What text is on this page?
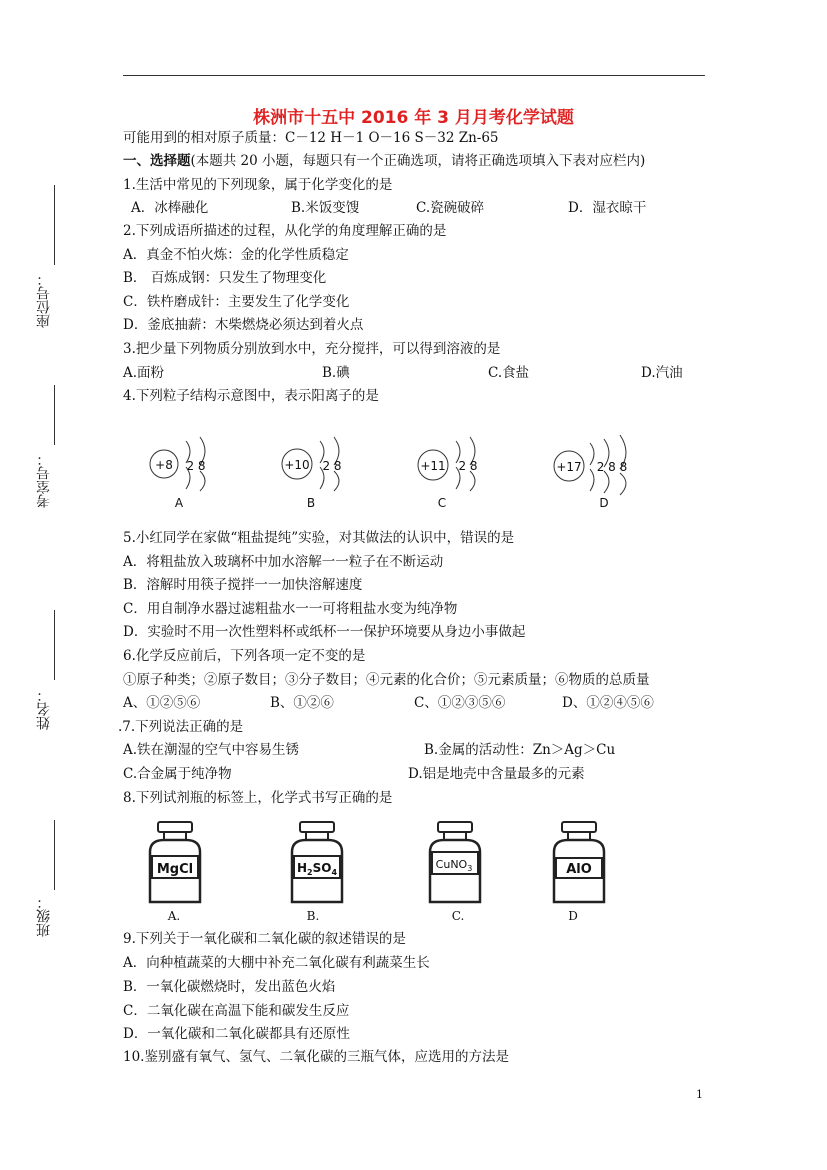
株洲市十五中 2016 年 3 月月考化学试题
可能用到的相对原子质量：C－12 H－1 O－16 S－32 Zn-65
一、选择题(本题共 20 小题，每题只有一个正确选项，请将正确选项填入下表对应栏内)
座位号：
考室号：
姓名：
班级：
1.生活中常见的下列现象，属于化学变化的是
A．冰棒融化	B.米饭变馊	C.瓷碗破碎	D．湿衣晾干
2.下列成语所描述的过程，从化学的角度理解正确的是
A．真金不怕火炼：金的化学性质稳定
B． 百炼成钢：只发生了物理变化
C．铁杵磨成针：主要发生了化学变化
D．釜底抽薪：木柴燃烧必须达到着火点
3.把少量下列物质分别放到水中，充分搅拌，可以得到溶液的是
A.面粉	B.碘	C.食盐	D.汽油
4.下列粒子结构示意图中，表示阳离子的是
+8 2 8
A
+10 2 8
B
+11 2 8
C
+17 2 8 8
D
5.小红同学在家做“粗盐提纯”实验，对其做法的认识中，错误的是
A．将粗盐放入玻璃杯中加水溶解一一粒子在不断运动
B．溶解时用筷子搅拌一一加快溶解速度
C．用自制净水器过滤粗盐水一一可将粗盐水变为纯净物
D．实验时不用一次性塑料杯或纸杯一一保护环境要从身边小事做起
6.化学反应前后，下列各项一定不变的是
①原子种类；②原子数目；③分子数目；④元素的化合价；⑤元素质量；⑥物质的总质量
A、①②⑤⑥	B、①②⑥	C、①②③⑤⑥	D、①②④⑤⑥
.7.下列说法正确的是
A.铁在潮湿的空气中容易生锈	B.金属的活动性：Zn＞Ag＞Cu
C.合金属于纯净物	D.铝是地壳中含量最多的元素
8.下列试剂瓶的标签上，化学式书写正确的是
MgCl
A.
$H_2SO_4$
B.
CuNO$_3$
C.
AlO
D
9.下列关于一氧化碳和二氧化碳的叙述错误的是
A．向种植蔬菜的大棚中补充二氧化碳有利蔬菜生长
B．一氧化碳燃烧时，发出蓝色火焰
C．二氧化碳在高温下能和碳发生反应
D．一氧化碳和二氧化碳都具有还原性
10.鉴别盛有氧气、氢气、二氧化碳的三瓶气体，应选用的方法是
1
